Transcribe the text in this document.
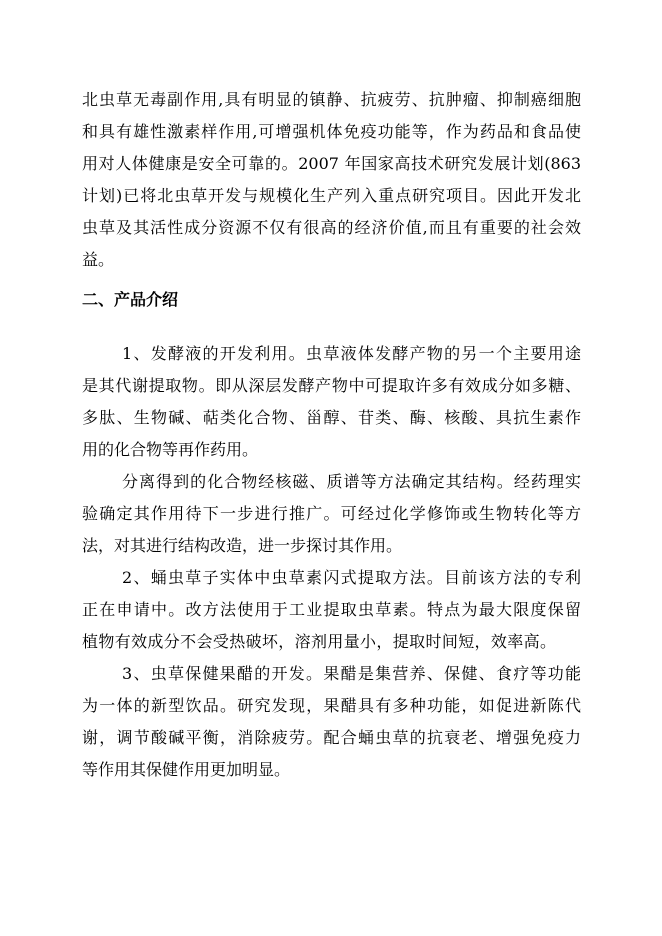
北虫草无毒副作用,具有明显的镇静、抗疲劳、抗肿瘤、抑制癌细胞
和具有雄性激素样作用,可增强机体免疫功能等，作为药品和食品使
用对人体健康是安全可靠的。2007 年国家高技术研究发展计划(863
计划)已将北虫草开发与规模化生产列入重点研究项目。因此开发北
虫草及其活性成分资源不仅有很高的经济价值,而且有重要的社会效
益。
二、产品介绍
1、发酵液的开发利用。虫草液体发酵产物的另一个主要用途
是其代谢提取物。即从深层发酵产物中可提取许多有效成分如多糖、
多肽、生物碱、萜类化合物、甾醇、苷类、酶、核酸、具抗生素作
用的化合物等再作药用。
分离得到的化合物经核磁、质谱等方法确定其结构。经药理实
验确定其作用待下一步进行推广。可经过化学修饰或生物转化等方
法，对其进行结构改造，进一步探讨其作用。
2、蛹虫草子实体中虫草素闪式提取方法。目前该方法的专利
正在申请中。改方法使用于工业提取虫草素。特点为最大限度保留
植物有效成分不会受热破坏，溶剂用量小，提取时间短，效率高。
3、虫草保健果醋的开发。果醋是集营养、保健、食疗等功能
为一体的新型饮品。研究发现，果醋具有多种功能，如促进新陈代
谢，调节酸碱平衡，消除疲劳。配合蛹虫草的抗衰老、增强免疫力
等作用其保健作用更加明显。
